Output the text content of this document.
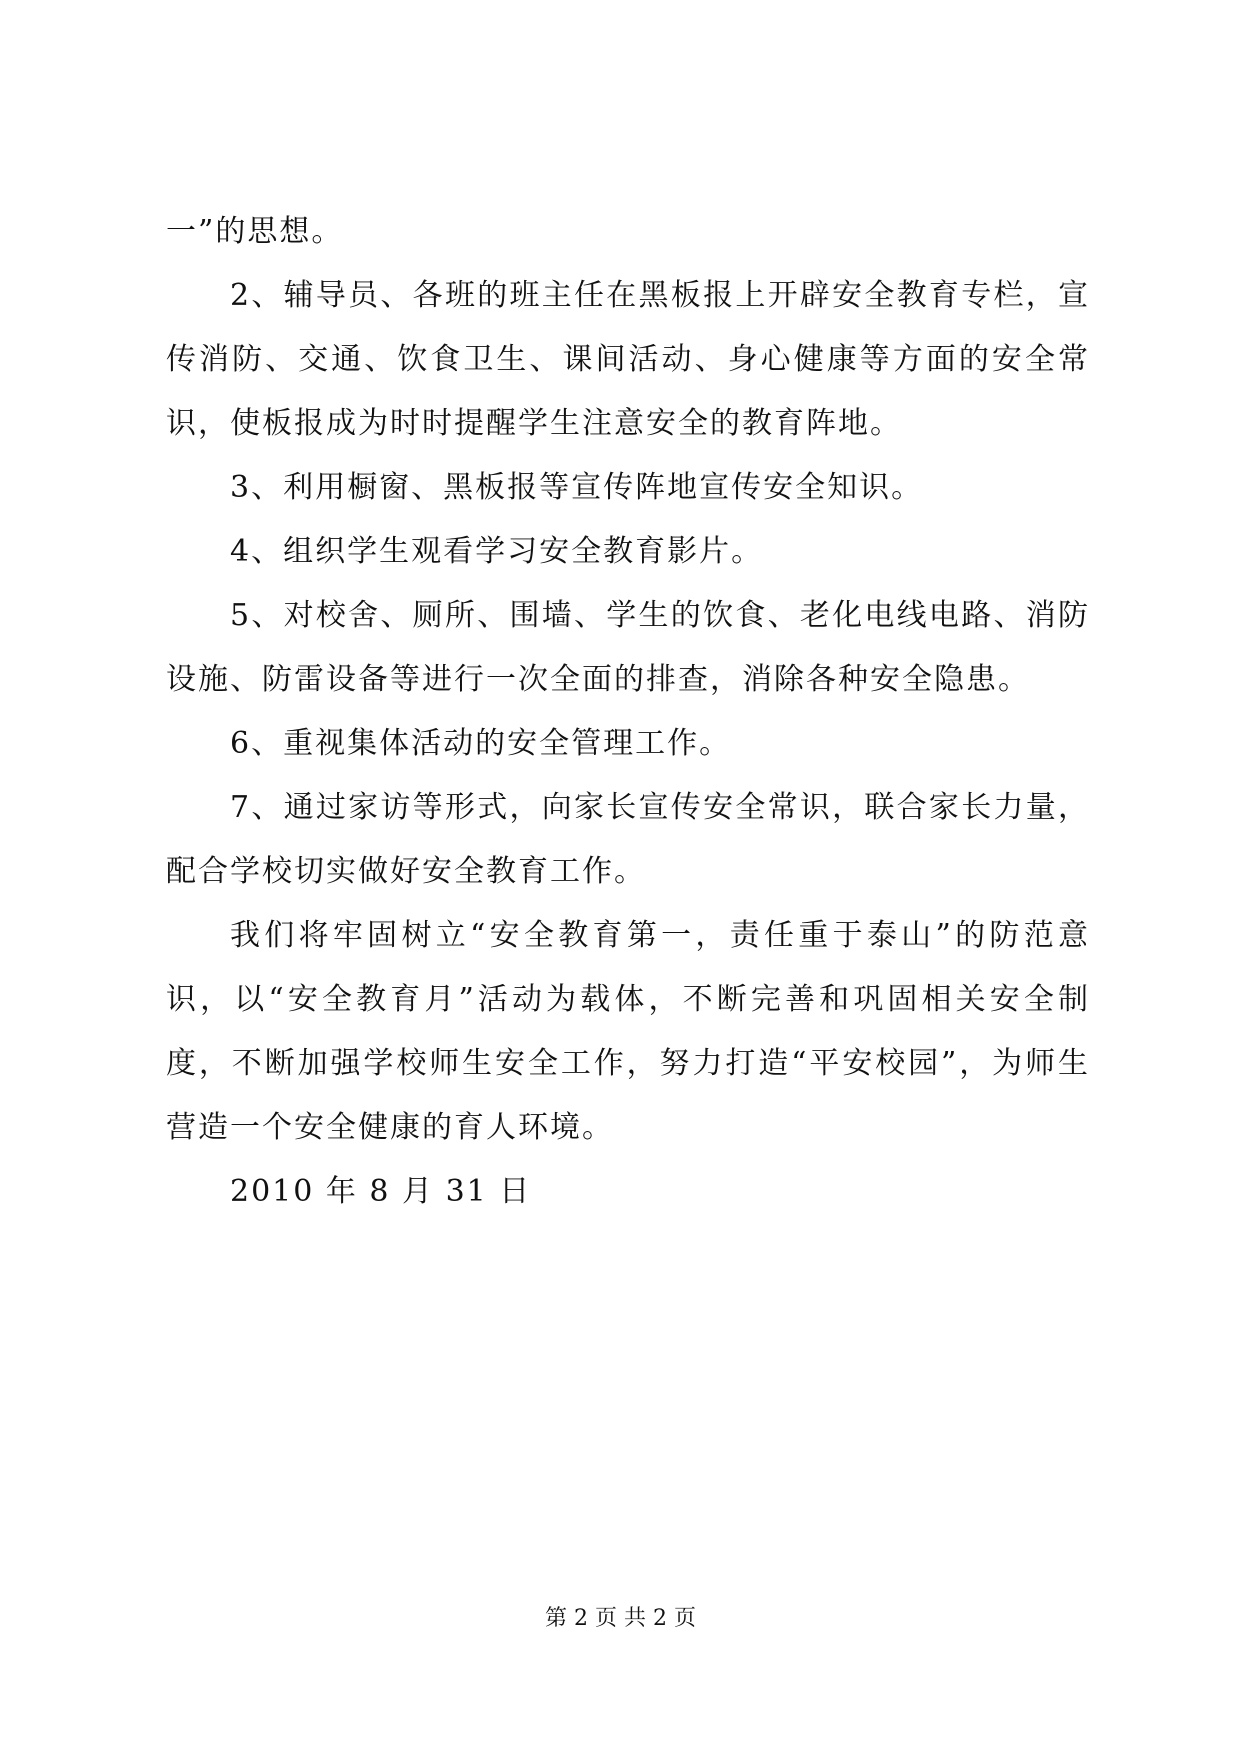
一”的思想。

2、辅导员、各班的班主任在黑板报上开辟安全教育专栏，宣传消防、交通、饮食卫生、课间活动、身心健康等方面的安全常识，使板报成为时时提醒学生注意安全的教育阵地。

3、利用橱窗、黑板报等宣传阵地宣传安全知识。

4、组织学生观看学习安全教育影片。

5、对校舍、厕所、围墙、学生的饮食、老化电线电路、消防设施、防雷设备等进行一次全面的排查，消除各种安全隐患。

6、重视集体活动的安全管理工作。

7、通过家访等形式，向家长宣传安全常识，联合家长力量，配合学校切实做好安全教育工作。

我们将牢固树立“安全教育第一，责任重于泰山”的防范意识，以“安全教育月”活动为载体，不断完善和巩固相关安全制度，不断加强学校师生安全工作，努力打造“平安校园”，为师生营造一个安全健康的育人环境。

2010 年 8 月 31 日

第 2 页 共 2 页
